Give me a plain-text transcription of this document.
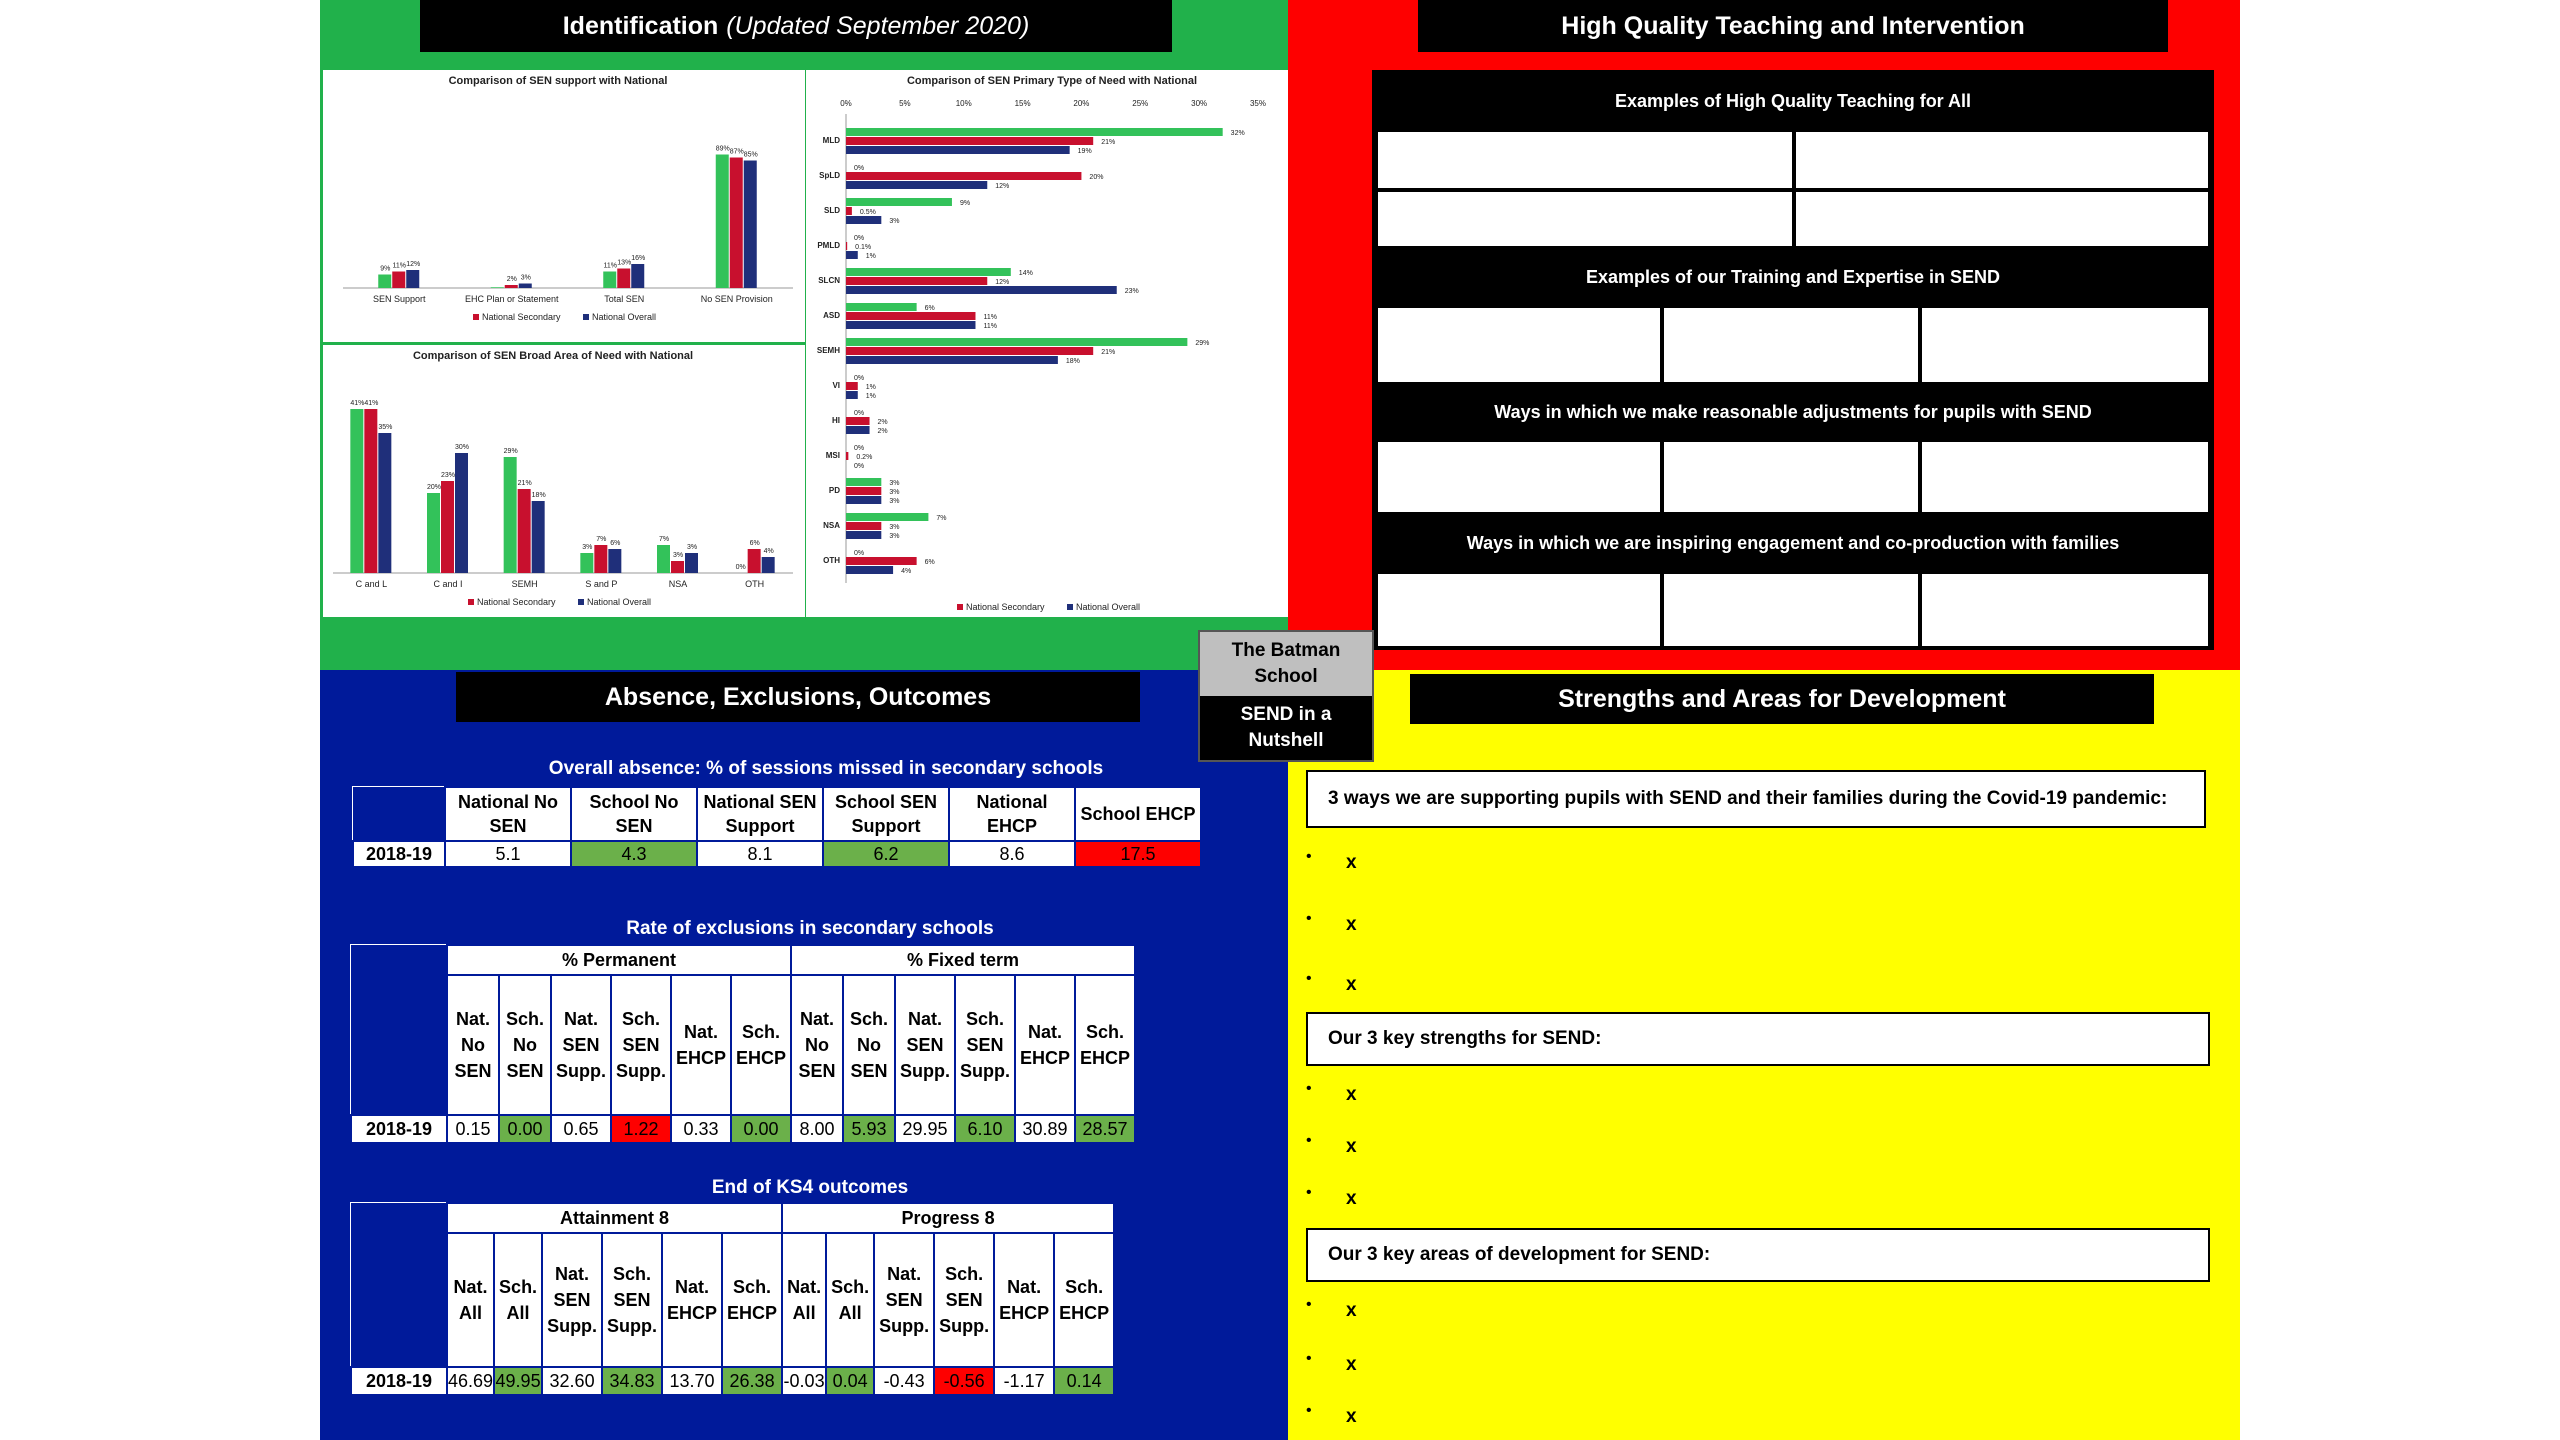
Identification (Updated September 2020)
Comparison of SEN support with National
9% 11% 12%
SEN Support
2% 3%
EHC Plan or Statement
11% 13%
16%
Total SEN
89% 87% 85%
No SEN Provision
National Secondary	National Overall
Comparison of SEN Broad Area of Need with National
41% 41%
35%
C and L
20%
23%
30%
C and I
29%
21%
18%
SEMH
3%
7%
6%
S and P
7%
3%
3%
NSA
0%
6%
4%
OTH
National Secondary	National Overall
Comparison of SEN Primary Type of Need with National
0%	5%	10%	15%	20%	25%	30%	35%
MLD
32%
21%
19%
SpLD
0%
20%
12%
SLD
9%
0.5%
3%
PMLD
0%
0.1%
1%
SLCN
14%
12%
23%
ASD
6%
11%
11%
SEMH
29%
21%
18%
VI
0%
1%
1%
HI
0%
2%
2%
MSI
0%
0.2%
0%
PD
3%
3%
3%
NSA
7%
3%
3%
OTH
0%
6%
4%
National Secondary	National Overall
High Quality Teaching and Intervention
Examples of High Quality Teaching for All
Examples of our Training and Expertise in SEND
Ways in which we make reasonable adjustments for pupils with SEND
Ways in which we are inspiring engagement and co-production with families
The Batman School
SEND in a Nutshell
Absence, Exclusions, Outcomes
Overall absence: % of sessions missed in secondary schools
	National No SEN	School No SEN	National SEN Support	School SEN Support	National EHCP	School EHCP
2018-19	5.1	4.3	8.1	6.2	8.6	17.5
Rate of exclusions in secondary schools
	% Permanent						% Fixed term					
	Nat. No SEN	Sch. No SEN	Nat. SEN Supp.	Sch. SEN Supp.	Nat. EHCP	Sch. EHCP	Nat. No SEN	Sch. No SEN	Nat. SEN Supp.	Sch. SEN Supp.	Nat. EHCP	Sch. EHCP
2018-19	0.15	0.00	0.65	1.22	0.33	0.00	8.00	5.93	29.95	6.10	30.89	28.57
End of KS4 outcomes
	Attainment 8						Progress 8					
	Nat. All	Sch. All	Nat. SEN Supp.	Sch. SEN Supp.	Nat. EHCP	Sch. EHCP	Nat. All	Sch. All	Nat. SEN Supp.	Sch. SEN Supp.	Nat. EHCP	Sch. EHCP
2018-19	46.69	49.95	32.60	34.83	13.70	26.38	-0.03	0.04	-0.43	-0.56	-1.17	0.14
Strengths and Areas for Development
3 ways we are supporting pupils with SEND and their families during the Covid-19 pandemic:
• x
• x
• x
Our 3 key strengths for SEND:
• x
• x
• x
Our 3 key areas of development for SEND:
• x
• x
• x
